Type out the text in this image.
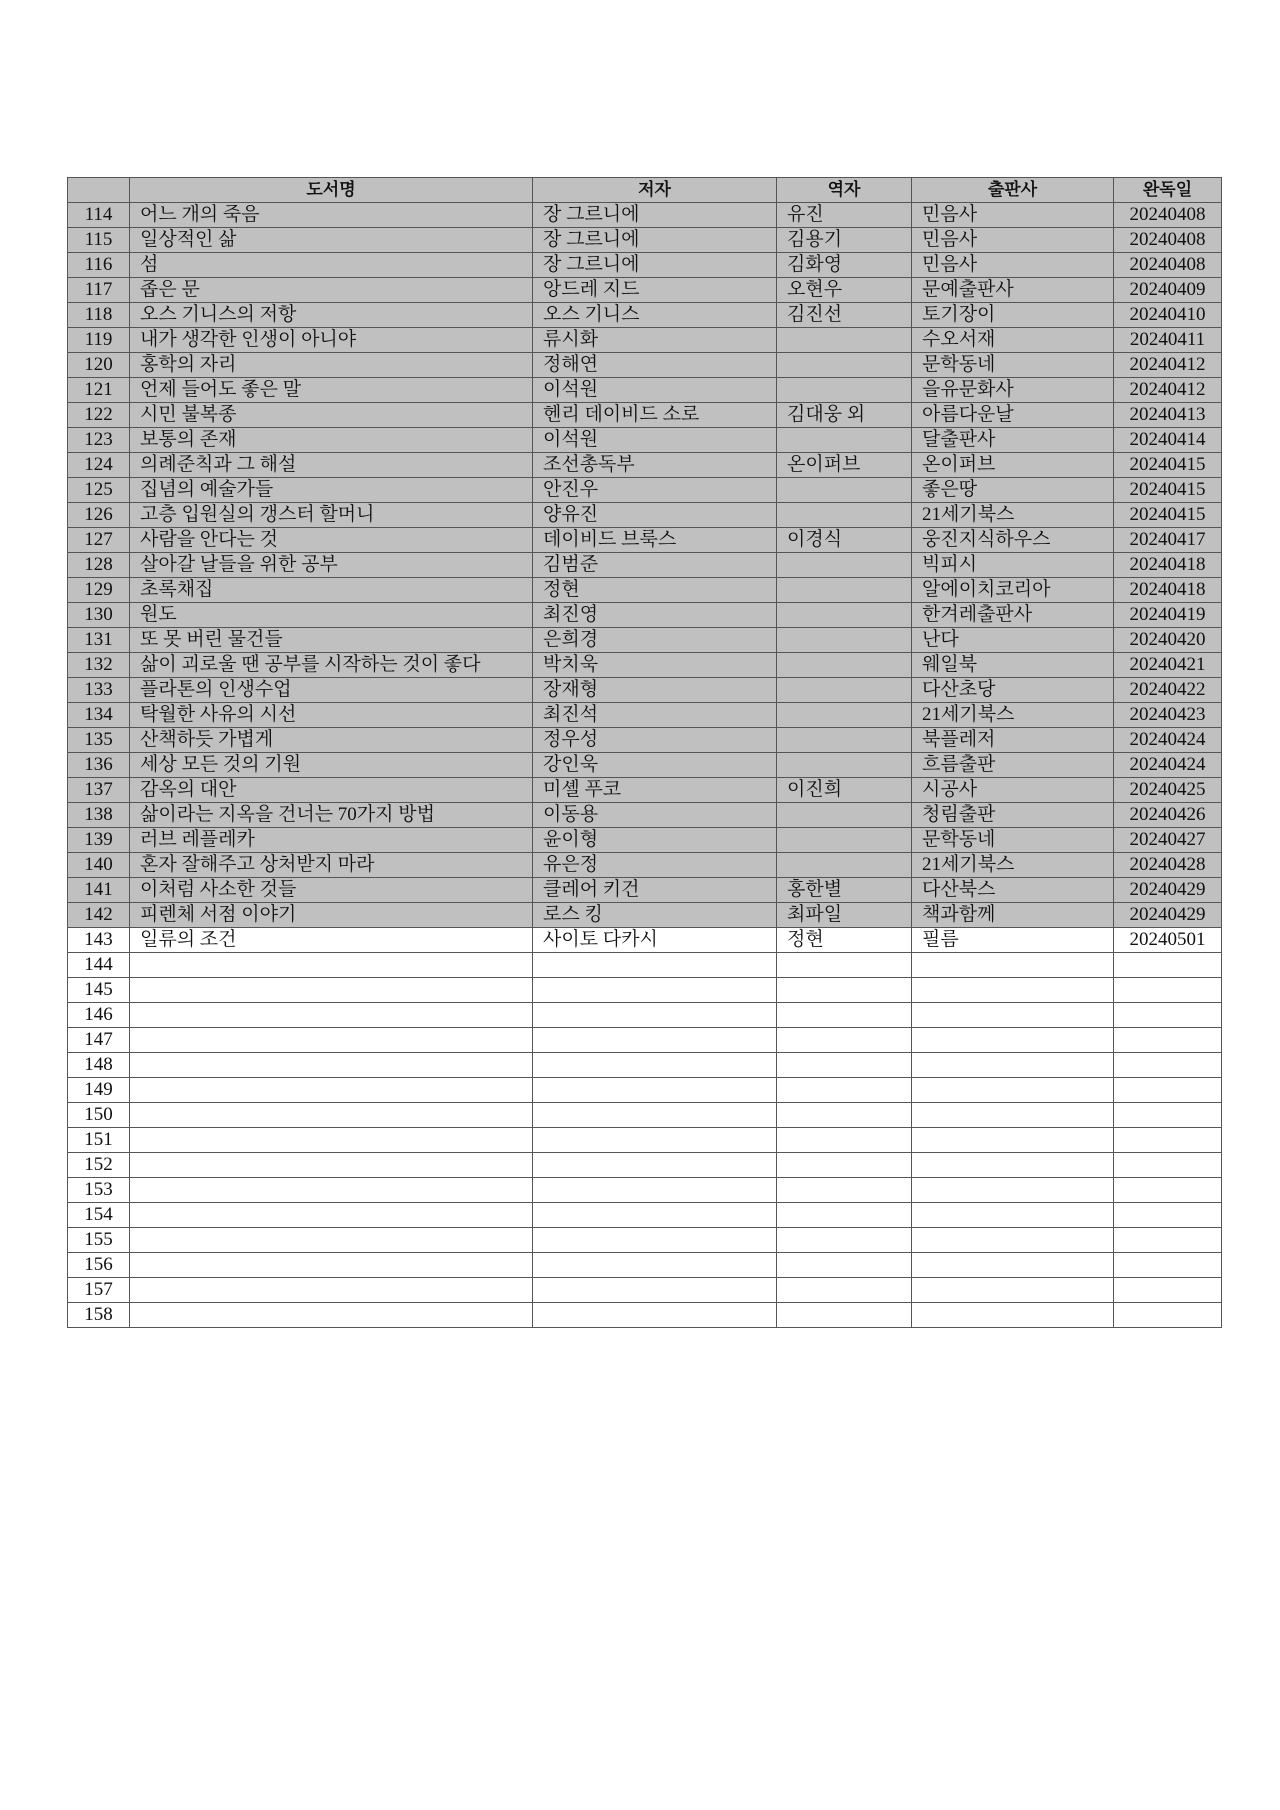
	도서명	저자	역자	출판사	완독일
114	어느 개의 죽음	장 그르니에	유진	민음사	20240408
115	일상적인 삶	장 그르니에	김용기	민음사	20240408
116	섬	장 그르니에	김화영	민음사	20240408
117	좁은 문	앙드레 지드	오현우	문예출판사	20240409
118	오스 기니스의 저항	오스 기니스	김진선	토기장이	20240410
119	내가 생각한 인생이 아니야	류시화		수오서재	20240411
120	홍학의 자리	정해연		문학동네	20240412
121	언제 들어도 좋은 말	이석원		을유문화사	20240412
122	시민 불복종	헨리 데이비드 소로	김대웅 외	아름다운날	20240413
123	보통의 존재	이석원		달출판사	20240414
124	의례준칙과 그 해설	조선총독부	온이퍼브	온이퍼브	20240415
125	집념의 예술가들	안진우		좋은땅	20240415
126	고층 입원실의 갱스터 할머니	양유진		21세기북스	20240415
127	사람을 안다는 것	데이비드 브룩스	이경식	웅진지식하우스	20240417
128	살아갈 날들을 위한 공부	김범준		빅피시	20240418
129	초록채집	정현		알에이치코리아	20240418
130	원도	최진영		한겨레출판사	20240419
131	또 못 버린 물건들	은희경		난다	20240420
132	삶이 괴로울 땐 공부를 시작하는 것이 좋다	박치욱		웨일북	20240421
133	플라톤의 인생수업	장재형		다산초당	20240422
134	탁월한 사유의 시선	최진석		21세기북스	20240423
135	산책하듯 가볍게	정우성		북플레저	20240424
136	세상 모든 것의 기원	강인욱		흐름출판	20240424
137	감옥의 대안	미셸 푸코	이진희	시공사	20240425
138	삶이라는 지옥을 건너는 70가지 방법	이동용		청림출판	20240426
139	러브 레플레카	윤이형		문학동네	20240427
140	혼자 잘해주고 상처받지 마라	유은정		21세기북스	20240428
141	이처럼 사소한 것들	클레어 키건	홍한별	다산북스	20240429
142	피렌체 서점 이야기	로스 킹	최파일	책과함께	20240429
143	일류의 조건	사이토 다카시	정현	필름	20240501
144					
145					
146					
147					
148					
149					
150					
151					
152					
153					
154					
155					
156					
157					
158					
